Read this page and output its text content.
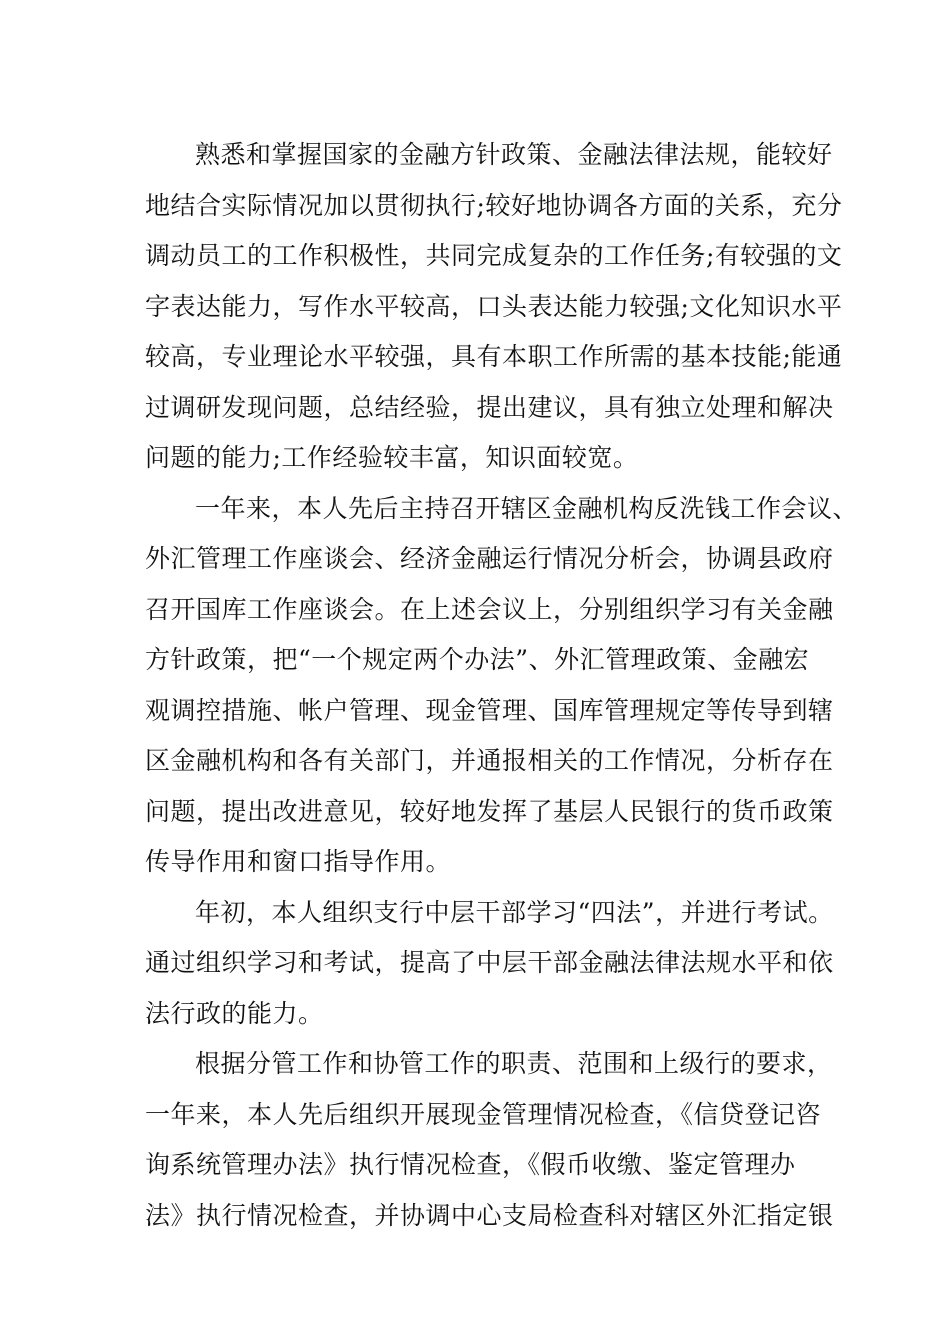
熟悉和掌握国家的金融方针政策、金融法律法规，能较好
地结合实际情况加以贯彻执行;较好地协调各方面的关系，充分
调动员工的工作积极性，共同完成复杂的工作任务;有较强的文
字表达能力，写作水平较高，口头表达能力较强;文化知识水平
较高，专业理论水平较强，具有本职工作所需的基本技能;能通
过调研发现问题，总结经验，提出建议，具有独立处理和解决
问题的能力;工作经验较丰富，知识面较宽。

一年来，本人先后主持召开辖区金融机构反洗钱工作会议、
外汇管理工作座谈会、经济金融运行情况分析会，协调县政府
召开国库工作座谈会。在上述会议上，分别组织学习有关金融
方针政策，把“一个规定两个办法”、外汇管理政策、金融宏
观调控措施、帐户管理、现金管理、国库管理规定等传导到辖
区金融机构和各有关部门，并通报相关的工作情况，分析存在
问题，提出改进意见，较好地发挥了基层人民银行的货币政策
传导作用和窗口指导作用。

年初，本人组织支行中层干部学习“四法”，并进行考试。
通过组织学习和考试，提高了中层干部金融法律法规水平和依
法行政的能力。

根据分管工作和协管工作的职责、范围和上级行的要求，
一年来，本人先后组织开展现金管理情况检查，《信贷登记咨
询系统管理办法》执行情况检查，《假币收缴、鉴定管理办
法》执行情况检查，并协调中心支局检查科对辖区外汇指定银
